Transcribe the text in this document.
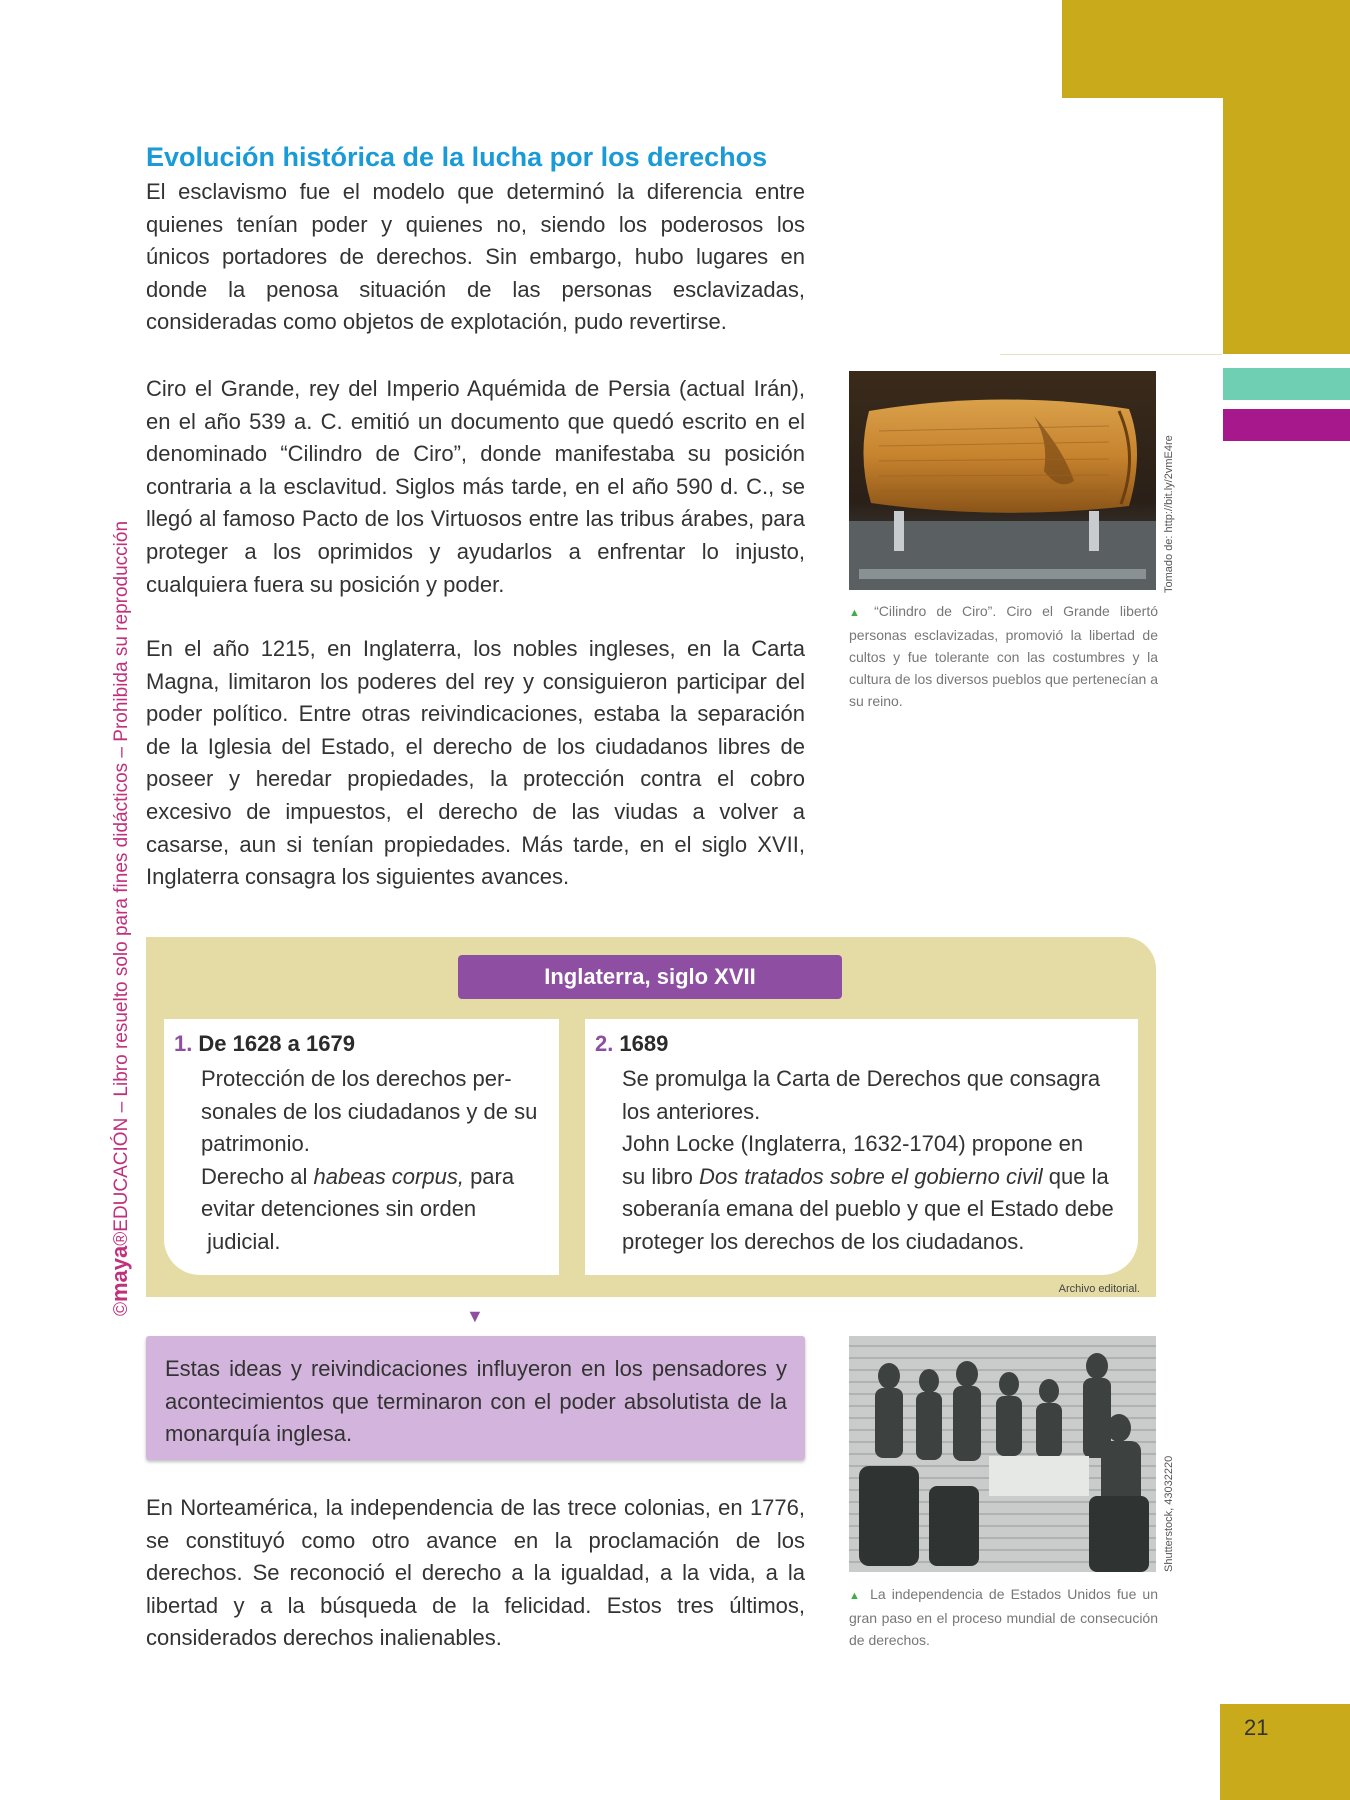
©maya®EDUCACIÓN – Libro resuelto solo para fines didácticos – Prohibida su reproducción
Evolución histórica de la lucha por los derechos

El esclavismo fue el modelo que determinó la diferencia entre quienes tenían poder y quienes no, siendo los poderosos los únicos portadores de derechos. Sin embargo, hubo lugares en donde la penosa situación de las personas esclavizadas, consideradas como objetos de explotación, pudo revertirse.

Ciro el Grande, rey del Imperio Aquémida de Persia (actual Irán), en el año 539 a. C. emitió un documento que quedó escrito en el denominado “Cilindro de Ciro”, donde manifestaba su posición contraria a la esclavitud. Siglos más tarde, en el año 590 d. C., se llegó al famoso Pacto de los Virtuosos entre las tribus árabes, para proteger a los oprimidos y ayudarlos a enfrentar lo injusto, cualquiera fuera su posición y poder.

En el año 1215, en Inglaterra, los nobles ingleses, en la Carta Magna, limitaron los poderes del rey y consiguieron participar del poder político. Entre otras reivindicaciones, estaba la separación de la Iglesia del Estado, el derecho de los ciudadanos libres de poseer y heredar propiedades, la protección contra el cobro excesivo de impuestos, el derecho de las viudas a volver a casarse, aun si tenían propiedades. Más tarde, en el siglo XVII, Inglaterra consagra los siguientes avances.

Tomado de: http://bit.ly/2vmE4re

▲ “Cilindro de Ciro”. Ciro el Grande libertó personas esclavizadas, promovió la libertad de cultos y fue tolerante con las costumbres y la cultura de los diversos pueblos que pertenecían a su reino.

Inglaterra, siglo XVII
1. De 1628 a 1679

Protección de los derechos per-
sonales de los ciudadanos y de su
patrimonio.
Derecho al habeas corpus, para
evitar detenciones sin orden
judicial.

2. 1689

Se promulga la Carta de Derechos que consagra
los anteriores.
John Locke (Inglaterra, 1632-1704) propone en
su libro Dos tratados sobre el gobierno civil que la
soberanía emana del pueblo y que el Estado debe
proteger los derechos de los ciudadanos.

Archivo editorial.
▼

Estas ideas y reivindicaciones influyeron en los pensadores y acontecimientos que terminaron con el poder absolutista de la monarquía inglesa.

Shutterstock, 43032220

▲ La independencia de Estados Unidos fue un gran paso en el proceso mundial de consecución de derechos.

En Norteamérica, la independencia de las trece colonias, en 1776, se constituyó como otro avance en la proclamación de los derechos. Se reconoció el derecho a la igualdad, a la vida, a la libertad y a la búsqueda de la felicidad. Estos tres últimos, considerados derechos inalienables.

21
